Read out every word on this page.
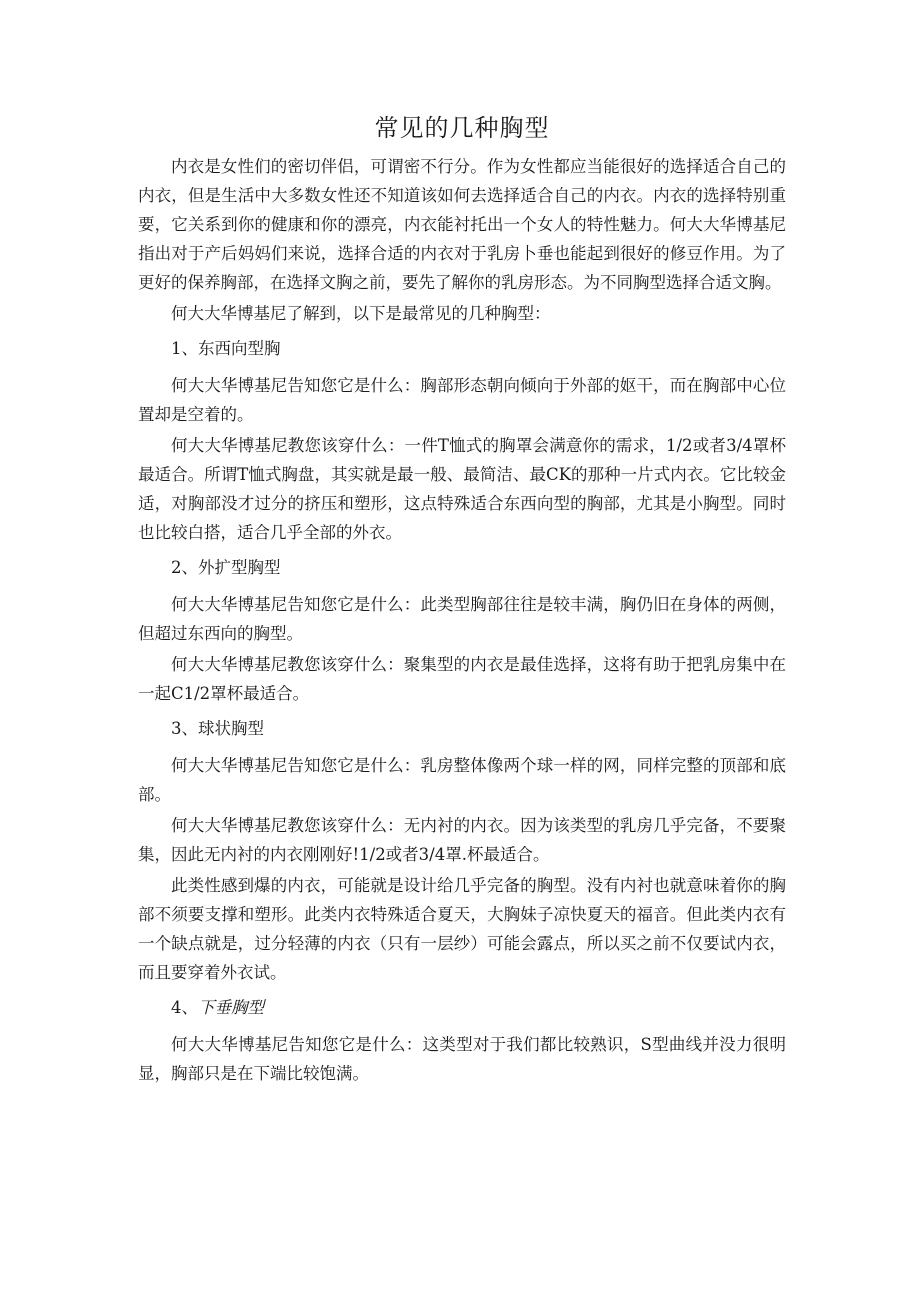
常见的几种胸型

内衣是女性们的密切伴侣，可谓密不行分。作为女性都应当能很好的选择适合自己的内衣，但是生活中大多数女性还不知道该如何去选择适合自己的内衣。内衣的选择特别重要，它关系到你的健康和你的漂亮，内衣能衬托出一个女人的特性魅力。何大大华博基尼指出对于产后妈妈们来说，选择合适的内衣对于乳房卜垂也能起到很好的修豆作用。为了更好的保养胸部，在选择文胸之前，要先了解你的乳房形态。为不同胸型选择合适文胸。

何大大华博基尼了解到，以下是最常见的几种胸型：

1、东西向型胸

何大大华博基尼告知您它是什么：胸部形态朝向倾向于外部的妪干，而在胸部中心位置却是空着的。

何大大华博基尼教您该穿什么：一件T恤式的胸罩会满意你的需求，1/2或者3/4罩杯最适合。所谓T恤式胸盘，其实就是最一般、最简洁、最CK的那种一片式内衣。它比较金适，对胸部没才过分的挤压和塑形，这点特殊适合东西向型的胸部，尤其是小胸型。同时也比较白搭，适合几乎全部的外衣。

2、外扩型胸型

何大大华博基尼告知您它是什么：此类型胸部往往是较丰满，胸仍旧在身体的两侧，但超过东西向的胸型。

何大大华博基尼教您该穿什么：聚集型的内衣是最佳选择，这将有助于把乳房集中在一起C1/2罩杯最适合。

3、球状胸型

何大大华博基尼告知您它是什么：乳房整体像两个球一样的网，同样完整的顶部和底部。

何大大华博基尼教您该穿什么：无内衬的内衣。因为该类型的乳房几乎完备，不要聚集，因此无内衬的内衣刚刚好!1/2或者3/4罩.杯最适合。

此类性感到爆的内衣，可能就是设计给几乎完备的胸型。没有内衬也就意味着你的胸部不须要支撑和塑形。此类内衣特殊适合夏天，大胸妹子凉快夏天的福音。但此类内衣有一个缺点就是，过分轻薄的内衣（只有一层纱）可能会露点，所以买之前不仅要试内衣，而且要穿着外衣试。

4、下垂胸型

何大大华博基尼告知您它是什么：这类型对于我们都比较熟识，S型曲线并没力很明显，胸部只是在下端比较饱满。
